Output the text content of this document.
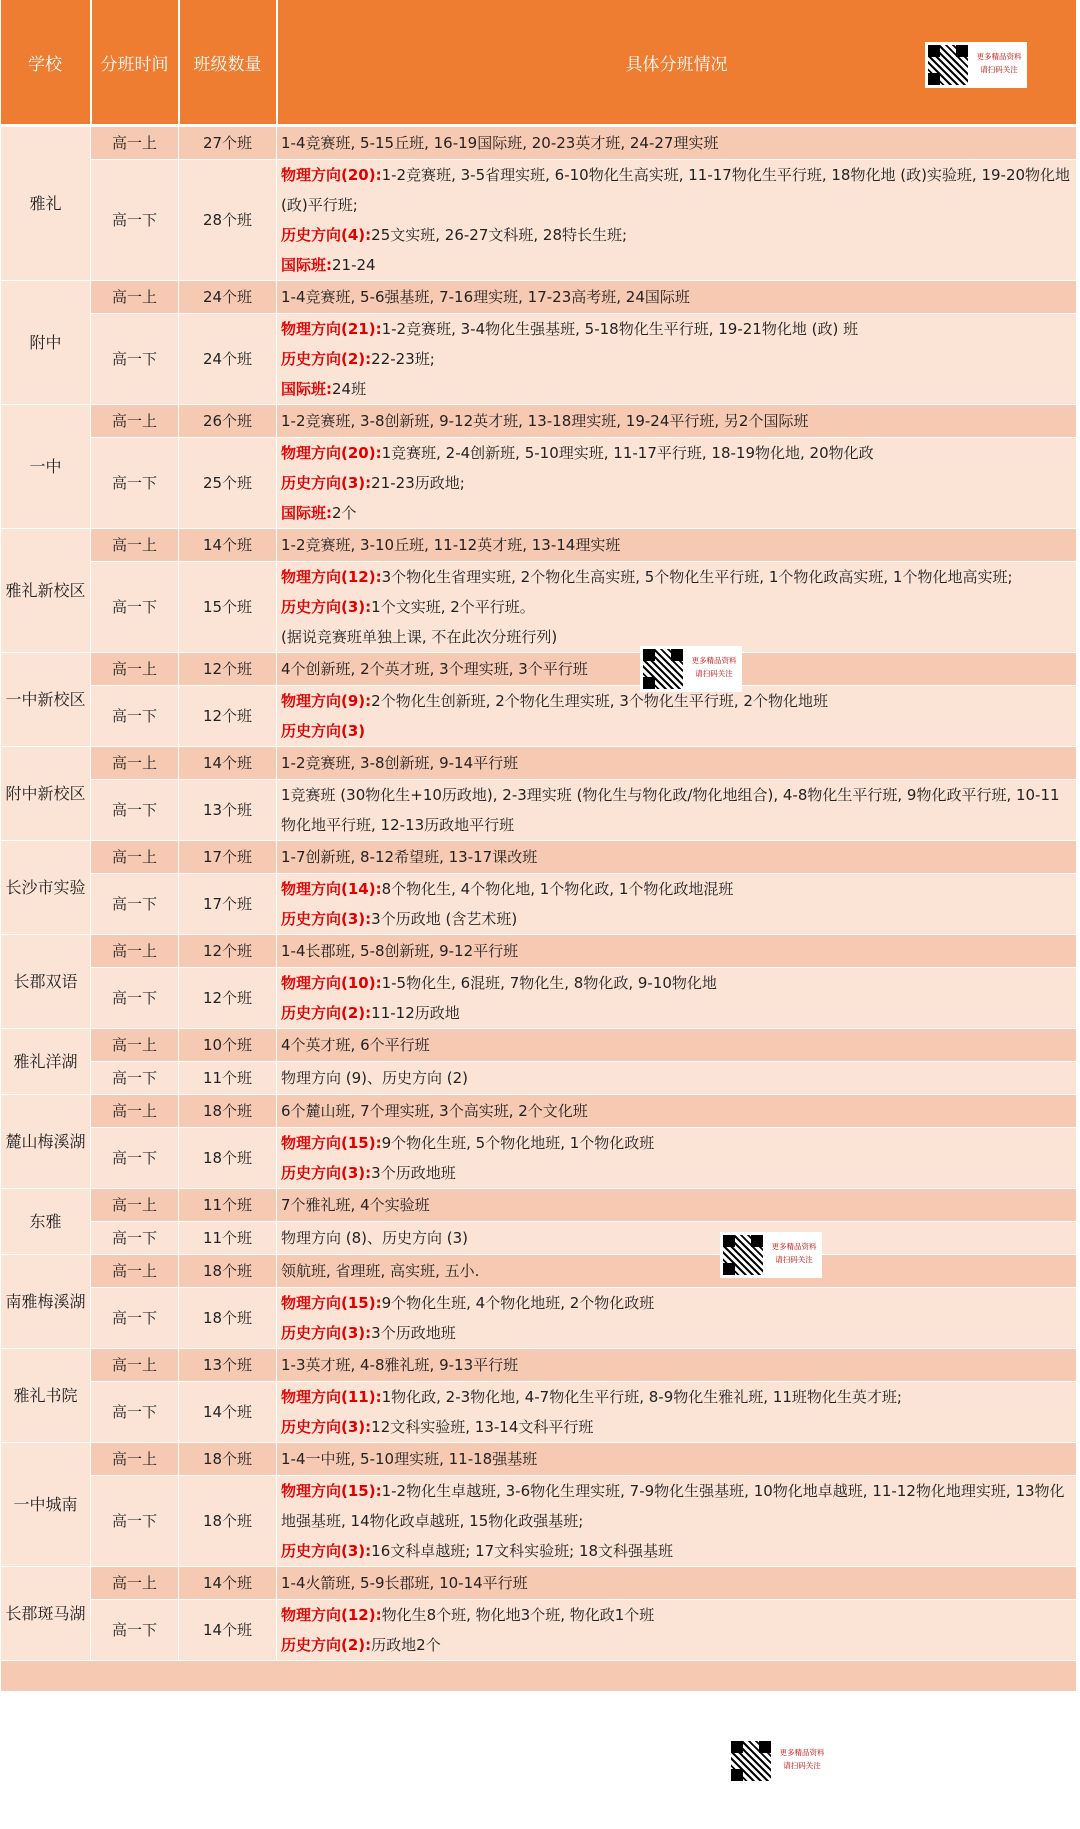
学校	分班时间	班级数量	具体分班情况
雅礼	高一上	27个班	1-4竞赛班, 5-15丘班, 16-19国际班, 20-23英才班, 24-27理实班

	高一下	28个班	物理方向(20):1-2竞赛班, 3-5省理实班, 6-10物化生高实班, 11-17物化生平行班, 18物化地 (政)实验班, 19-20物化地 (政)平行班;
历史方向(4):25文实班, 26-27文科班, 28特长生班;
国际班:21-24

附中	高一上	24个班	1-4竞赛班, 5-6强基班, 7-16理实班, 17-23高考班, 24国际班

	高一下	24个班	物理方向(21):1-2竞赛班, 3-4物化生强基班, 5-18物化生平行班, 19-21物化地 (政) 班
历史方向(2):22-23班;
国际班:24班

一中	高一上	26个班	1-2竞赛班, 3-8创新班, 9-12英才班, 13-18理实班, 19-24平行班, 另2个国际班

	高一下	25个班	物理方向(20):1竞赛班, 2-4创新班, 5-10理实班, 11-17平行班, 18-19物化地, 20物化政
历史方向(3):21-23历政地;
国际班:2个

雅礼新校区	高一上	14个班	1-2竞赛班, 3-10丘班, 11-12英才班, 13-14理实班

	高一下	15个班	物理方向(12):3个物化生省理实班, 2个物化生高实班, 5个物化生平行班, 1个物化政高实班, 1个物化地高实班;
历史方向(3):1个文实班, 2个平行班。
(据说竞赛班单独上课, 不在此次分班行列)

一中新校区	高一上	12个班	4个创新班, 2个英才班, 3个理实班, 3个平行班

	高一下	12个班	物理方向(9):2个物化生创新班, 2个物化生理实班, 3个物化生平行班, 2个物化地班
历史方向(3)

附中新校区	高一上	14个班	1-2竞赛班, 3-8创新班, 9-14平行班

	高一下	13个班	1竞赛班 (30物化生+10历政地), 2-3理实班 (物化生与物化政/物化地组合), 4-8物化生平行班, 9物化政平行班, 10-11物化地平行班, 12-13历政地平行班

长沙市实验	高一上	17个班	1-7创新班, 8-12希望班, 13-17课改班

	高一下	17个班	物理方向(14):8个物化生, 4个物化地, 1个物化政, 1个物化政地混班
历史方向(3):3个历政地 (含艺术班)

长郡双语	高一上	12个班	1-4长郡班, 5-8创新班, 9-12平行班

	高一下	12个班	物理方向(10):1-5物化生, 6混班, 7物化生, 8物化政, 9-10物化地
历史方向(2):11-12历政地

雅礼洋湖	高一上	10个班	4个英才班, 6个平行班

	高一下	11个班	物理方向 (9)、历史方向 (2)

麓山梅溪湖	高一上	18个班	6个麓山班, 7个理实班, 3个高实班, 2个文化班

	高一下	18个班	物理方向(15):9个物化生班, 5个物化地班, 1个物化政班
历史方向(3):3个历政地班

东雅	高一上	11个班	7个雅礼班, 4个实验班

	高一下	11个班	物理方向 (8)、历史方向 (3)

南雅梅溪湖	高一上	18个班	领航班, 省理班, 高实班, 五小.

	高一下	18个班	物理方向(15):9个物化生班, 4个物化地班, 2个物化政班
历史方向(3):3个历政地班

雅礼书院	高一上	13个班	1-3英才班, 4-8雅礼班, 9-13平行班

	高一下	14个班	物理方向(11):1物化政, 2-3物化地, 4-7物化生平行班, 8-9物化生雅礼班, 11班物化生英才班;
历史方向(3):12文科实验班, 13-14文科平行班

一中城南	高一上	18个班	1-4一中班, 5-10理实班, 11-18强基班

	高一下	18个班	物理方向(15):1-2物化生卓越班, 3-6物化生理实班, 7-9物化生强基班, 10物化地卓越班, 11-12物化地理实班, 13物化地强基班, 14物化政卓越班, 15物化政强基班;
历史方向(3):16文科卓越班; 17文科实验班; 18文科强基班

长郡斑马湖	高一上	14个班	1-4火箭班, 5-9长郡班, 10-14平行班

	高一下	14个班	物理方向(12):物化生8个班, 物化地3个班, 物化政1个班
历史方向(2):历政地2个

更多精品资料
请扫码关注
更多精品资料
请扫码关注
更多精品资料
请扫码关注
更多精品资料
请扫码关注
